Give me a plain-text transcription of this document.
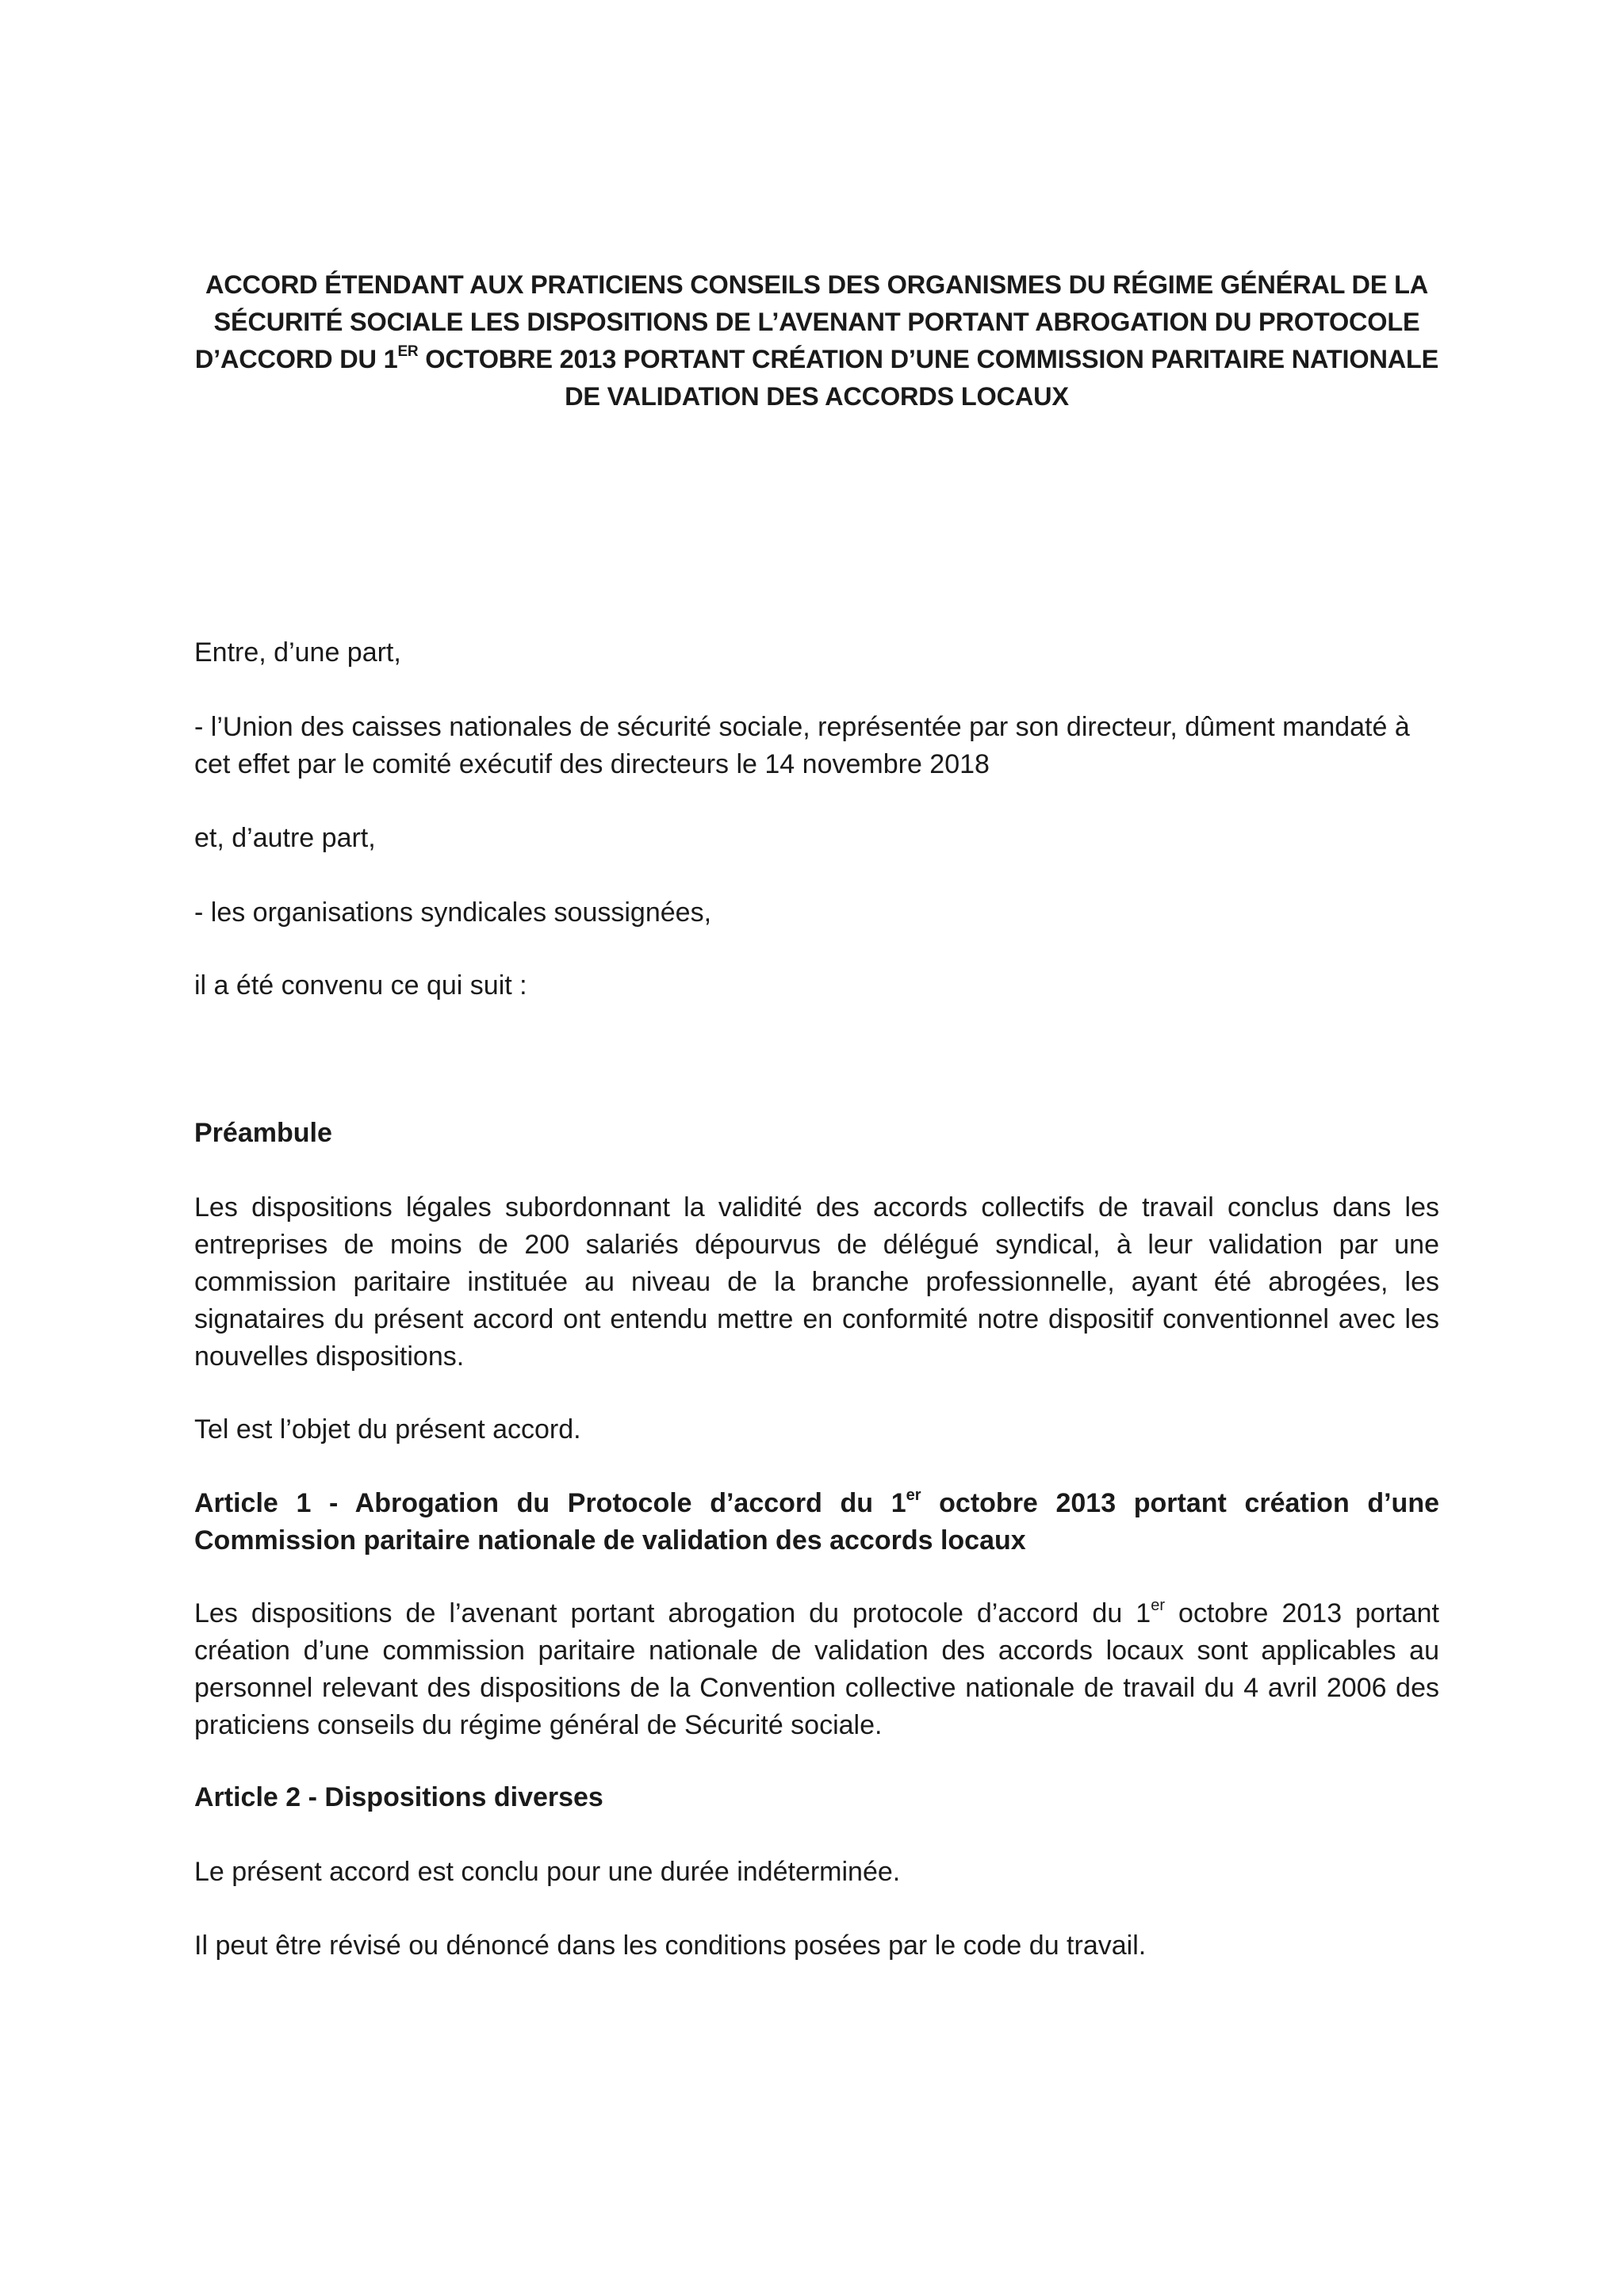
ACCORD ÉTENDANT AUX PRATICIENS CONSEILS DES ORGANISMES DU RÉGIME GÉNÉRAL DE LA SÉCURITÉ SOCIALE LES DISPOSITIONS DE L’AVENANT PORTANT ABROGATION DU PROTOCOLE D’ACCORD DU 1ER OCTOBRE 2013 PORTANT CRÉATION D’UNE COMMISSION PARITAIRE NATIONALE DE VALIDATION DES ACCORDS LOCAUX

Entre, d’une part,

- l’Union des caisses nationales de sécurité sociale, représentée par son directeur, dûment mandaté à cet effet par le comité exécutif des directeurs le 14 novembre 2018

et, d’autre part,

- les organisations syndicales soussignées,

il a été convenu ce qui suit :

Préambule

Les dispositions légales subordonnant la validité des accords collectifs de travail conclus dans les entreprises de moins de 200 salariés dépourvus de délégué syndical, à leur validation par une commission paritaire instituée au niveau de la branche professionnelle, ayant été abrogées, les signataires du présent accord ont entendu mettre en conformité notre dispositif conventionnel avec les nouvelles dispositions.

Tel est l’objet du présent accord.

Article 1 - Abrogation du Protocole d’accord du 1er octobre 2013 portant création d’une Commission paritaire nationale de validation des accords locaux

Les dispositions de l’avenant portant abrogation du protocole d’accord du 1er octobre 2013 portant création d’une commission paritaire nationale de validation des accords locaux sont applicables au personnel relevant des dispositions de la Convention collective nationale de travail du 4 avril 2006 des praticiens conseils du régime général de Sécurité sociale.

Article 2 - Dispositions diverses

Le présent accord est conclu pour une durée indéterminée.

Il peut être révisé ou dénoncé dans les conditions posées par le code du travail.
